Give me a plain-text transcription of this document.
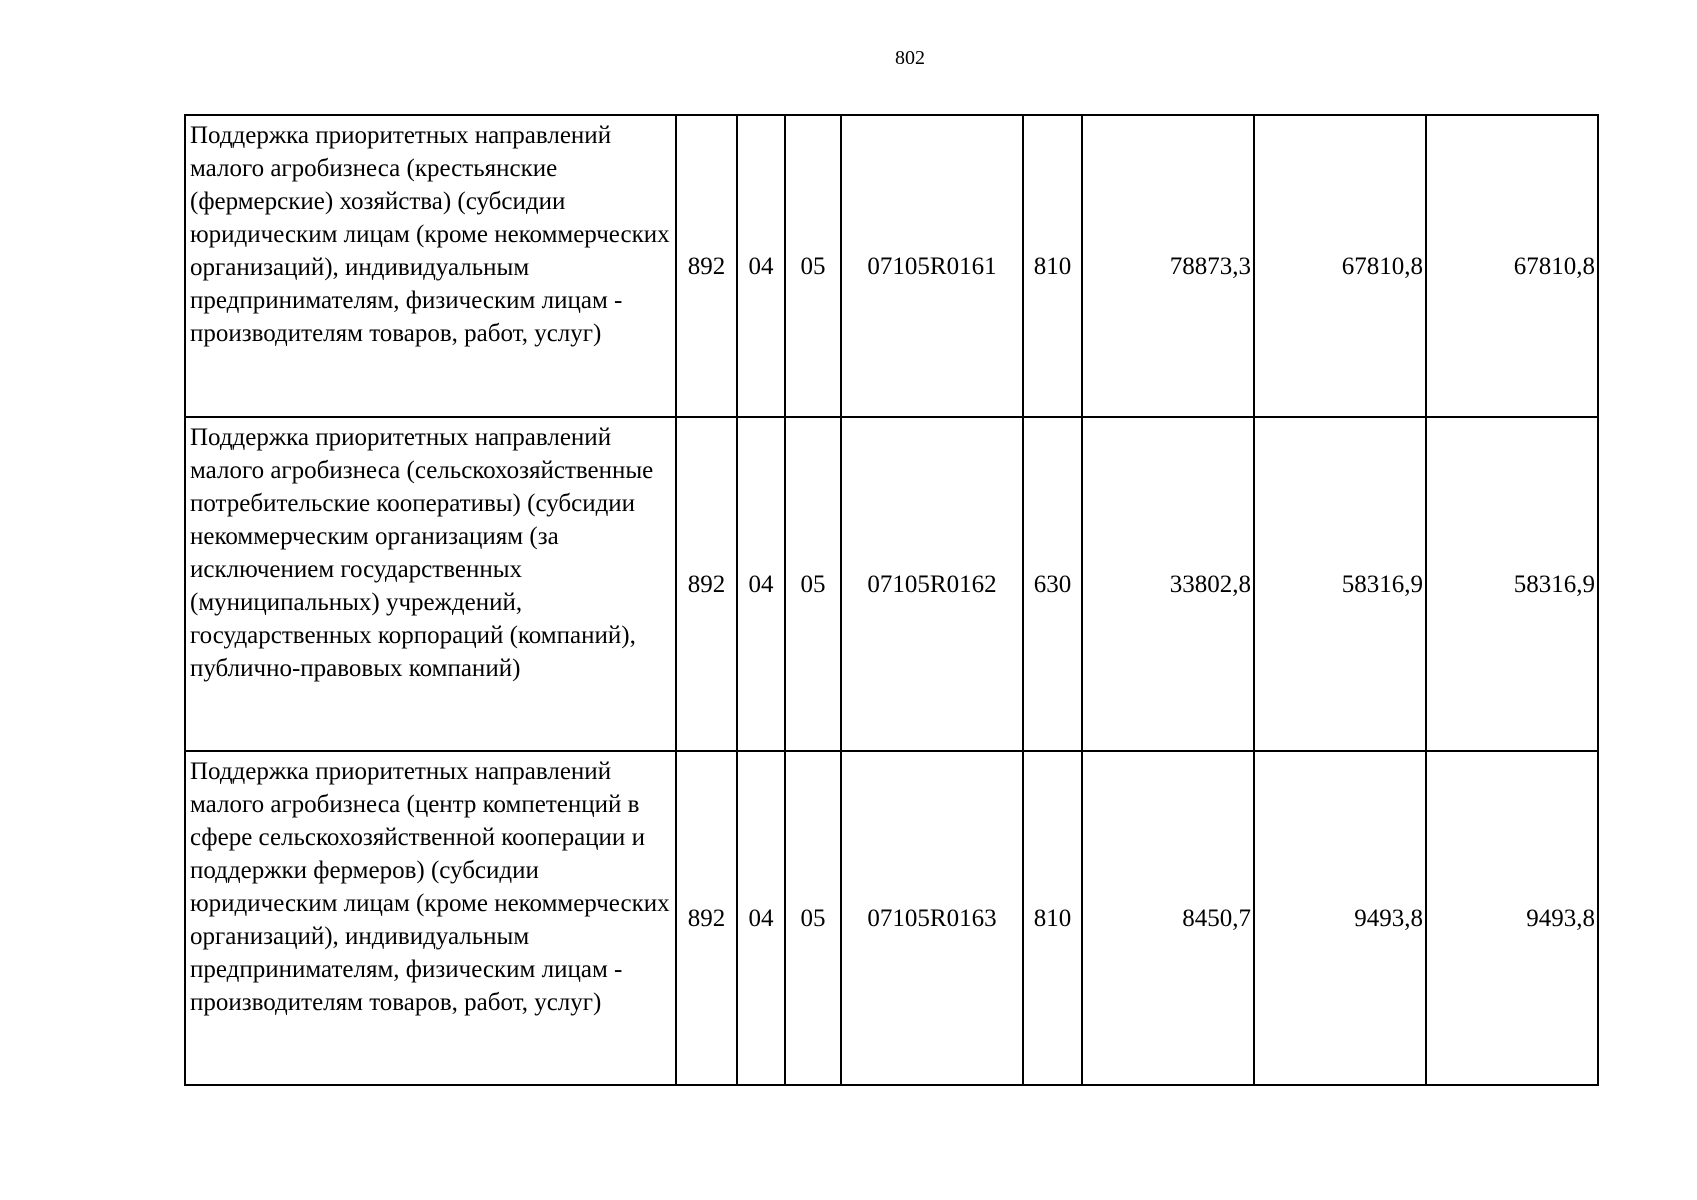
802
Поддержка приоритетных направлений малого агробизнеса (крестьянские (фермерские) хозяйства) (субсидии юридическим лицам (кроме некоммерческих организаций), индивидуальным предпринимателям, физическим лицам - производителям товаров, работ, услуг)	892	04	05	07105R0161	810	78873,3	67810,8	67810,8
Поддержка приоритетных направлений малого агробизнеса (сельскохозяйственные потребительские кооперативы) (субсидии некоммерческим организациям (за исключением государственных (муниципальных) учреждений, государственных корпораций (компаний), публично-правовых компаний)	892	04	05	07105R0162	630	33802,8	58316,9	58316,9
Поддержка приоритетных направлений малого агробизнеса (центр компетенций в сфере сельскохозяйственной кооперации и поддержки фермеров) (субсидии юридическим лицам (кроме некоммерческих организаций), индивидуальным предпринимателям, физическим лицам - производителям товаров, работ, услуг)	892	04	05	07105R0163	810	8450,7	9493,8	9493,8
